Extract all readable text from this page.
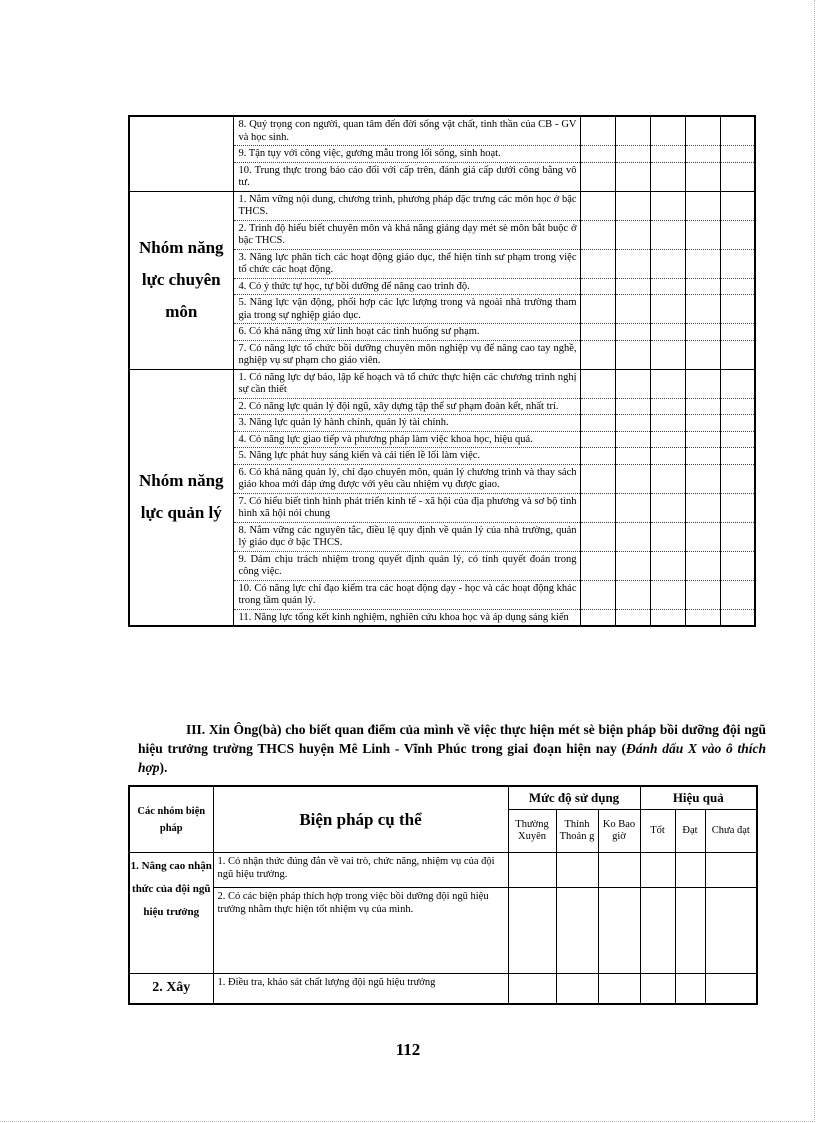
	8. Quý trọng con người, quan tâm đến đời sống vật chất, tinh thần của CB - GV và học sinh.					
	9. Tận tụy với công việc, gương mẫu trong lối sống, sinh hoạt.					
	10. Trung thực trong báo cáo đối với cấp trên, đánh giá cấp dưới công bằng vô tư.					
Nhóm năng lực chuyên môn	1. Nắm vững nội dung, chương trình, phương pháp đặc trưng các môn học ở bậc THCS.					
	2. Trình độ hiểu biết chuyên môn và khả năng giảng dạy mét sè môn bắt buộc ở bậc THCS.					
	3. Năng lực phân tích các hoạt động giáo dục, thể hiện tính sư phạm trong việc tổ chức các hoạt động.					
	4. Có ý thức tự học, tự bồi dưỡng để nâng cao trình độ.					
	5. Năng lực vận động, phối hợp các lực lượng trong và ngoài nhà trường tham gia trong sự nghiệp giáo dục.					
	6. Có khả năng ứng xử linh hoạt các tình huống sư phạm.					
	7. Có năng lực tổ chức bồi dưỡng chuyên môn nghiệp vụ để nâng cao tay nghề, nghiệp vụ sư phạm cho giáo viên.					
Nhóm năng lực quản lý	1. Có năng lực dự báo, lập kế hoạch và tổ chức thực hiện các chương trình nghị sự cần thiết					
	2. Có năng lực quản lý đội ngũ, xây dựng tập thể sư phạm đoàn kết, nhất trí.					
	3. Năng lực quản lý hành chính, quản lý tài chính.					
	4. Có năng lực giao tiếp và phương pháp làm việc khoa học, hiệu quả.					
	5. Năng lực phát huy sáng kiến và cải tiến lề lối làm việc.					
	6. Có khả năng quản lý, chỉ đạo chuyên môn, quản lý chương trình và thay sách giáo khoa mới đáp ứng được với yêu cầu nhiệm vụ được giao.					
	7. Có hiểu biết tình hình phát triển kinh tế - xã hội của địa phương và sơ bộ tình hình xã hội nói chung					
	8. Nắm vững các nguyên tắc, điều lệ quy định về quản lý của nhà trường, quản lý giáo dục ở bậc THCS.					
	9. Dám chịu trách nhiệm trong quyết định quản lý, có tính quyết đoán trong công việc.					
	10. Có năng lực chỉ đạo kiểm tra các hoạt động dạy - học và các hoạt động khác trong tầm quản lý.					
	11. Năng lực tổng kết kinh nghiệm, nghiên cứu khoa học và áp dụng sáng kiến					
III. Xin Ông(bà) cho biết quan điểm của mình về việc thực hiện mét sè biện pháp bồi dưỡng đội ngũ hiệu trưởng trường THCS huyện Mê Linh - Vĩnh Phúc trong giai đoạn hiện nay (Đánh dấu X vào ô thích hợp).
Các nhóm biện pháp	Biện pháp cụ thể	Mức độ sử dụng			Hiệu quả		
		Thường Xuyên	Thỉnh Thoản g	Ko Bao giờ	Tốt	Đạt	Chưa đạt
1. Nâng cao nhận thức của đội ngũ hiệu trưởng	1. Có nhận thức đúng đắn về vai trò, chức năng, nhiệm vụ của đội ngũ hiệu trưởng.						
	2. Có các biện pháp thích hợp trong việc bồi dưỡng đội ngũ hiệu trưởng nhằm thực hiện tốt nhiệm vụ của mình.						
2. Xây	1. Điều tra, khảo sát chất lượng đội ngũ hiệu trưởng						
112
